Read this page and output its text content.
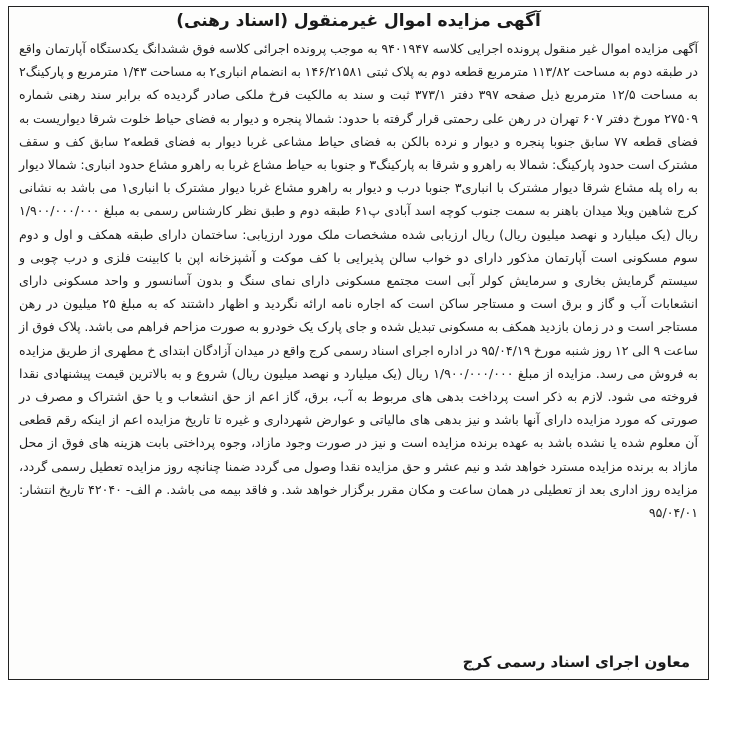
آگهی مزایده اموال غیرمنقول (اسناد رهنی)

آگهی مزایده اموال غیر منقول پرونده اجرایی کلاسه ۹۴۰۱۹۴۷ به موجب پرونده اجرائی کلاسه فوق ششدانگ یکدستگاه آپارتمان واقع در طبقه دوم به مساحت ۱۱۳/۸۲ مترمربع قطعه دوم به پلاک ثبتی ۱۴۶/۲۱۵۸۱ به انضمام انباری۲ به مساحت ۱/۴۳ مترمربع و پارکینگ۲ به مساحت ۱۲/۵ مترمربع ذیل صفحه ۳۹۷ دفتر ۳۷۳/۱ ثبت و سند به مالکیت فرخ ملکی صادر گردیده که برابر سند رهنی شماره ۲۷۵۰۹ مورخ دفتر ۶۰۷ تهران در رهن علی رحمتی قرار گرفته با حدود: شمالا پنجره و دیوار به فضای حیاط خلوت شرقا دیواریست به فضای قطعه ۷۷ سابق جنوبا پنجره و دیوار و نرده بالکن به فضای حیاط مشاعی غربا دیوار به فضای قطعه۲ سابق کف و سقف مشترک است حدود پارکینگ: شمالا به راهرو و شرقا به پارکینگ۳ و جنوبا به حیاط مشاع غربا به راهرو مشاع حدود انباری: شمالا دیوار به راه پله مشاع شرقا دیوار مشترک با انباری۳ جنوبا درب و دیوار به راهرو مشاع غربا دیوار مشترک با انباری۱ می باشد به نشانی کرج شاهین ویلا میدان باهنر به سمت جنوب کوچه اسد آبادی پ۶۱ طبقه دوم و طبق نظر کارشناس رسمی به مبلغ ۱/۹۰۰/۰۰۰/۰۰۰ ریال (یک میلیارد و نهصد میلیون ریال) ریال ارزیابی شده مشخصات ملک مورد ارزیابی: ساختمان دارای طبقه همکف و اول و دوم سوم مسکونی است آپارتمان مذکور دارای دو خواب سالن پذیرایی با کف موکت و آشپزخانه اپن با کابینت فلزی و درب چوبی و سیستم گرمایش بخاری و سرمایش کولر آبی است مجتمع مسکونی دارای نمای سنگ و بدون آسانسور و واحد مسکونی دارای انشعابات آب و گاز و برق است و مستاجر ساکن است که اجاره نامه ارائه نگردید و اظهار داشتند که به مبلغ ۲۵ میلیون در رهن مستاجر است و در زمان بازدید همکف به مسکونی تبدیل شده و جای پارک یک خودرو به صورت مزاحم فراهم می باشد. پلاک فوق از ساعت ۹ الی ۱۲ روز شنبه مورخ ۹۵/۰۴/۱۹ در اداره اجرای اسناد رسمی کرج واقع در میدان آزادگان ابتدای خ مطهری از طریق مزایده به فروش می رسد. مزایده از مبلغ ۱/۹۰۰/۰۰۰/۰۰۰ ریال (یک میلیارد و نهصد میلیون ریال) شروع و به بالاترین قیمت پیشنهادی نقدا فروخته می شود. لازم به ذکر است پرداخت بدهی های مربوط به آب، برق، گاز اعم از حق انشعاب و یا حق اشتراک و مصرف در صورتی که مورد مزایده دارای آنها باشد و نیز بدهی های مالیاتی و عوارض شهرداری و غیره تا تاریخ مزایده اعم از اینکه رقم قطعی آن معلوم شده یا نشده باشد به عهده برنده مزایده است و نیز در صورت وجود مازاد، وجوه پرداختی بابت هزینه های فوق از محل مازاد به برنده مزایده مسترد خواهد شد و نیم عشر و حق مزایده نقدا وصول می گردد ضمنا چنانچه روز مزایده تعطیل رسمی گردد، مزایده روز اداری بعد از تعطیلی در همان ساعت و مکان مقرر برگزار خواهد شد. و فاقد بیمه می باشد. م الف- ۴۲۰۴۰ تاریخ انتشار: ۹۵/۰۴/۰۱

معاون اجرای اسناد رسمی کرج
